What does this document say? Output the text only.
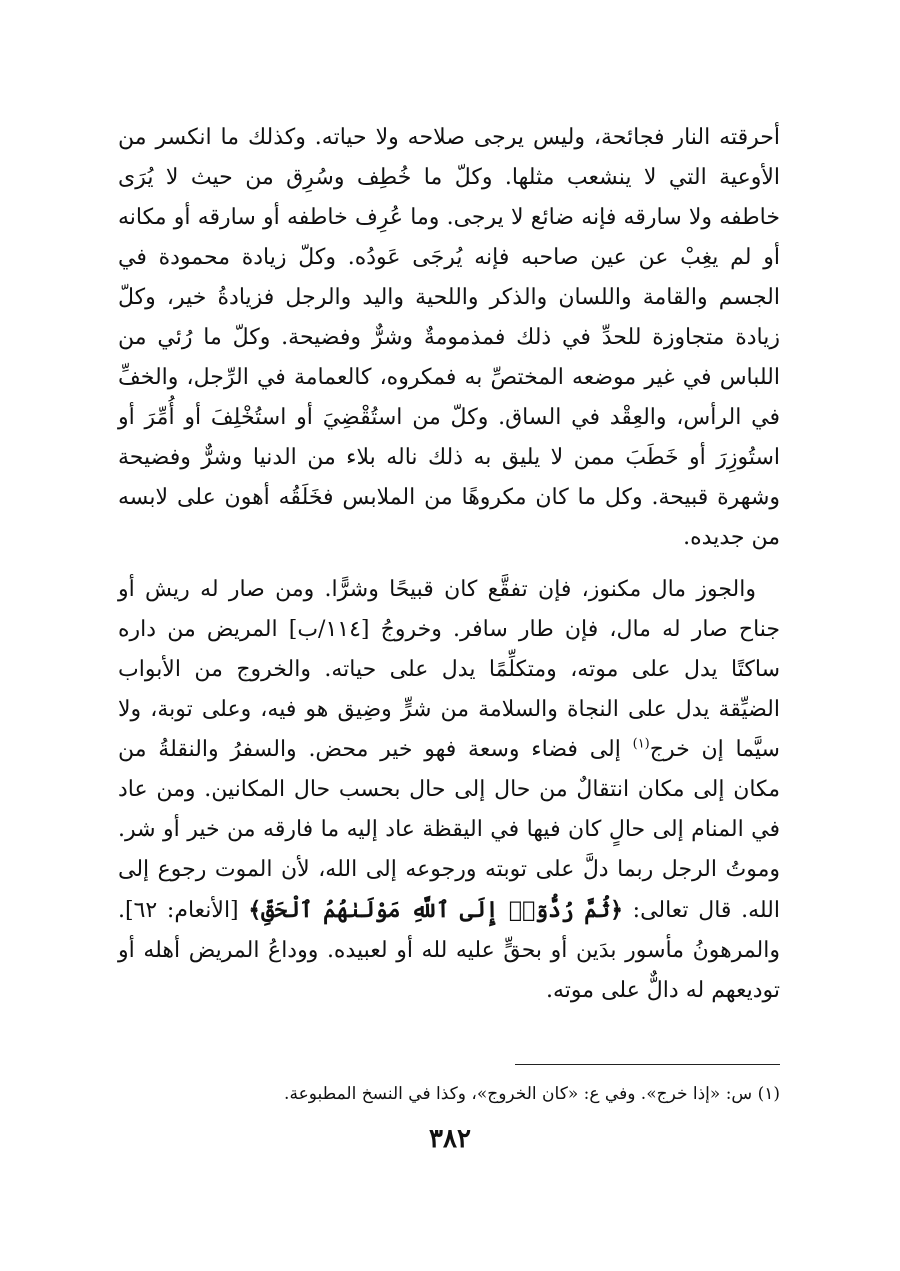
أحرقته النار فجائحة، وليس يرجى صلاحه ولا حياته. وكذلك ما انكسر من الأوعية التي لا ينشعب مثلها. وكلّ ما خُطِف وسُرِق من حيث لا يُرَى خاطفه ولا سارقه فإنه ضائع لا يرجى. وما عُرِف خاطفه أو سارقه أو مكانه أو لم يغِبْ عن عين صاحبه فإنه يُرجَى عَودُه. وكلّ زيادة محمودة في الجسم والقامة واللسان والذكر واللحية واليد والرجل فزيادةُ خير، وكلّ زيادة متجاوزة للحدِّ في ذلك فمذمومةٌ وشرٌّ وفضيحة. وكلّ ما رُئي من اللباس في غير موضعه المختصِّ به فمكروه، كالعمامة في الرِّجل، والخفِّ في الرأس، والعِقْد في الساق. وكلّ من استُقْضِيَ أو استُخْلِفَ أو أُمِّرَ أو استُوزِرَ أو خَطَبَ ممن لا يليق به ذلك ناله بلاء من الدنيا وشرٌّ وفضيحة وشهرة قبيحة. وكل ما كان مكروهًا من الملابس فخَلَقُه أهون على لابسه من جديده.

والجوز مال مكنوز، فإن تفقَّع كان قبيحًا وشرًّا. ومن صار له ريش أو جناح صار له مال، فإن طار سافر. وخروجُ [١١٤/ب] المريض من داره ساكتًا يدل على موته، ومتكلِّمًا يدل على حياته. والخروج من الأبواب الضيِّقة يدل على النجاة والسلامة من شرٍّ وضِيق هو فيه، وعلى توبة، ولا سيَّما إن خرج$^{(١)}$ إلى فضاء وسعة فهو خير محض. والسفرُ والنقلةُ من مكان إلى مكان انتقالٌ من حال إلى حال بحسب حال المكانين. ومن عاد في المنام إلى حالٍ كان فيها في اليقظة عاد إليه ما فارقه من خير أو شر. وموتُ الرجل ربما دلَّ على توبته ورجوعه إلى الله، لأن الموت رجوع إلى الله. قال تعالى: ﴿ثُمَّ رُدُّوٓا۟ إِلَى ٱللَّهِ مَوْلَىٰهُمُ ٱلْحَقِّ﴾ [الأنعام: ٦٢]. والمرهونُ مأسور بدَين أو بحقٍّ عليه لله أو لعبيده. ووداعُ المريض أهله أو توديعهم له دالٌّ على موته.

(١) س: «إذا خرج». وفي ع: «كان الخروج»، وكذا في النسخ المطبوعة.
٣٨٢
